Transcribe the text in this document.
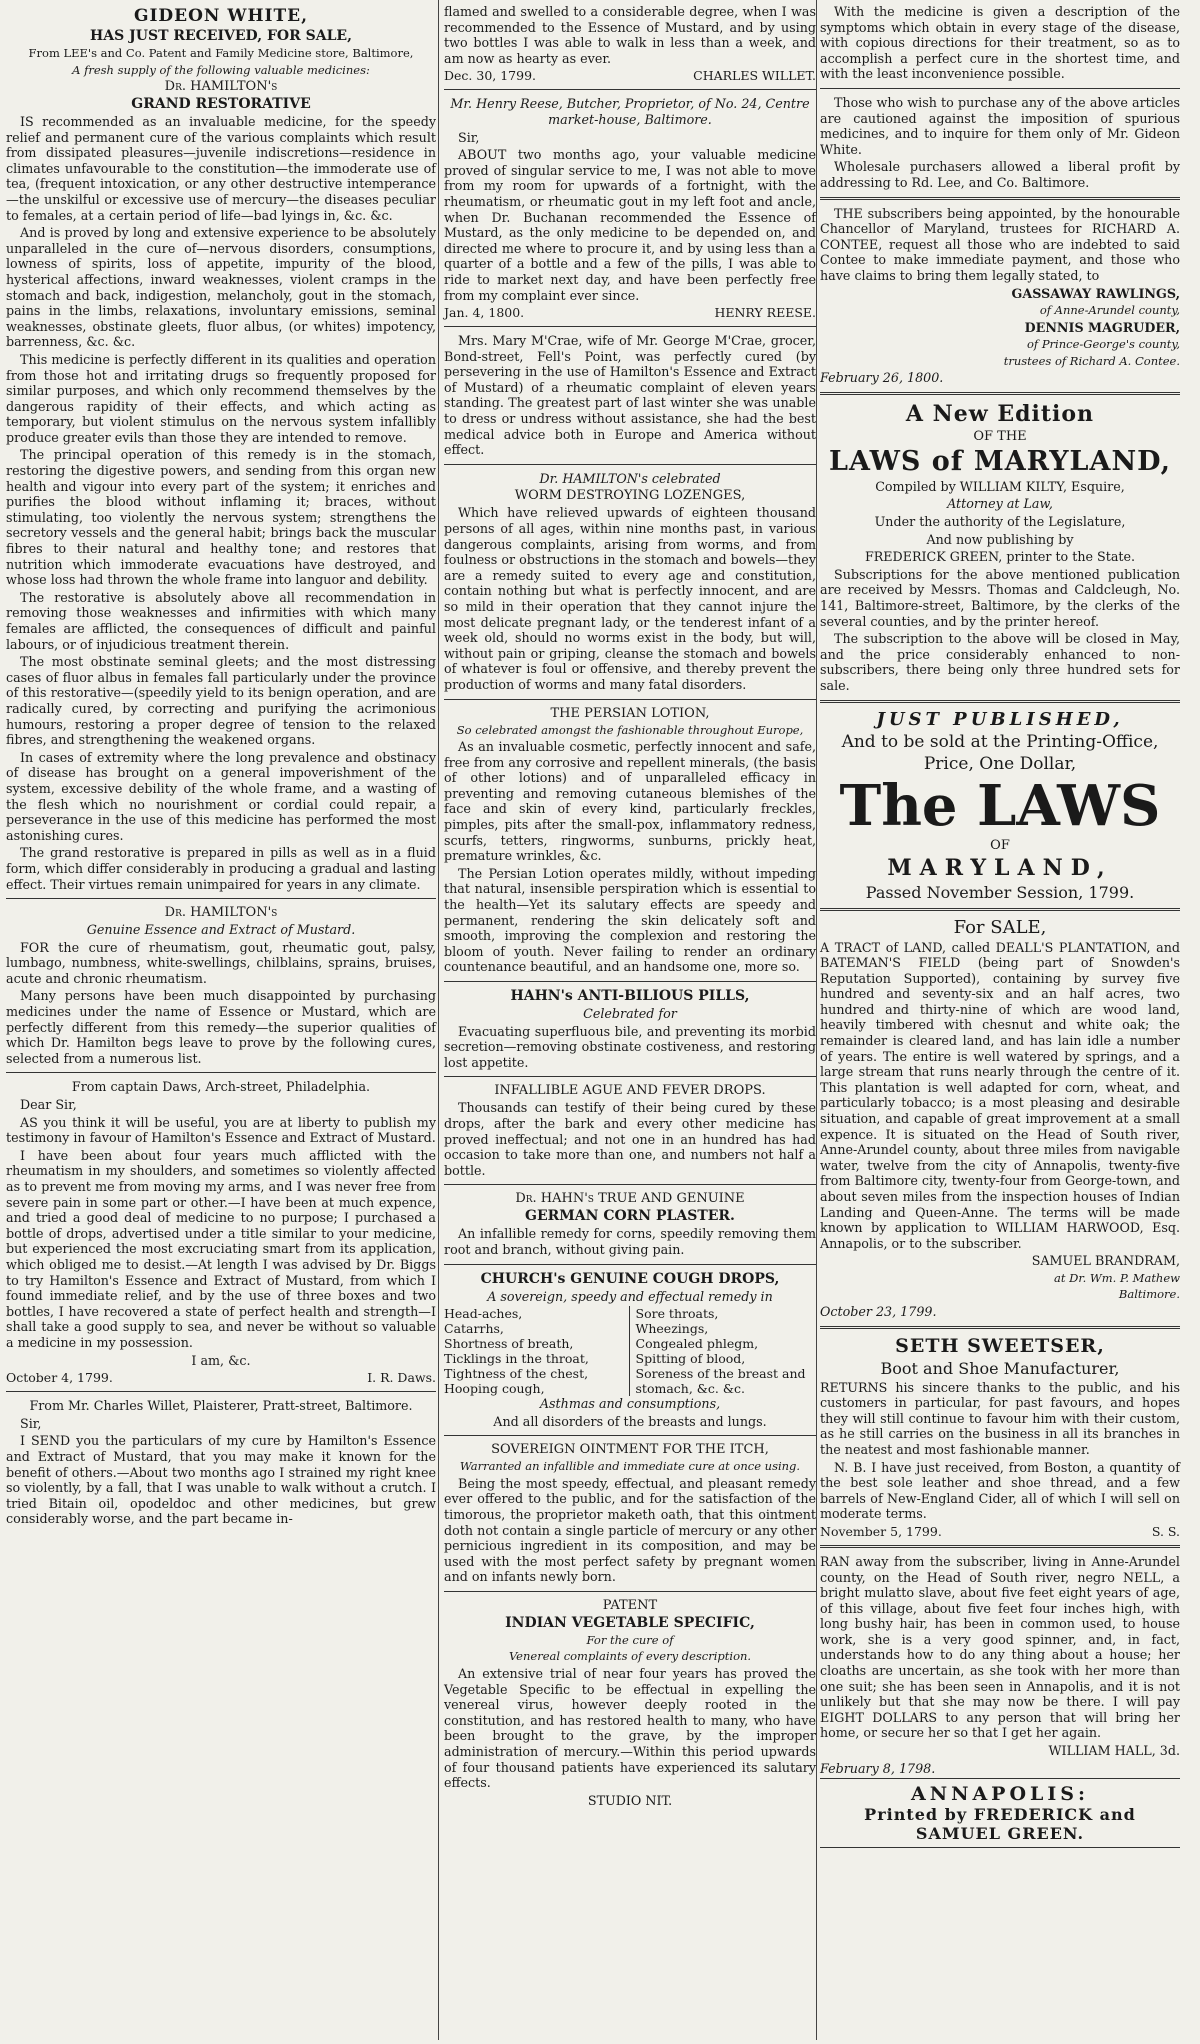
GIDEON WHITE,
HAS JUST RECEIVED, FOR SALE,

From LEE's and Co. Patent and Family Medicine store, Baltimore,

A fresh supply of the following valuable medicines:

Dr. HAMILTON's
GRAND RESTORATIVE

IS recommended as an invaluable medicine, for the speedy relief and permanent cure of the various complaints which result from dissipated pleasures—juvenile indiscretions—residence in climates unfavourable to the constitution—the immoderate use of tea, (frequent intoxication, or any other destructive intemperance—the unskilful or excessive use of mercury—the diseases peculiar to females, at a certain period of life—bad lyings in, &c. &c.

And is proved by long and extensive experience to be absolutely unparalleled in the cure of—nervous disorders, consumptions, lowness of spirits, loss of appetite, impurity of the blood, hysterical affections, inward weaknesses, violent cramps in the stomach and back, indigestion, melancholy, gout in the stomach, pains in the limbs, relaxations, involuntary emissions, seminal weaknesses, obstinate gleets, fluor albus, (or whites) impotency, barrenness, &c. &c.

This medicine is perfectly different in its qualities and operation from those hot and irritating drugs so frequently proposed for similar purposes, and which only recommend themselves by the dangerous rapidity of their effects, and which acting as temporary, but violent stimulus on the nervous system infallibly produce greater evils than those they are intended to remove.

The principal operation of this remedy is in the stomach, restoring the digestive powers, and sending from this organ new health and vigour into every part of the system; it enriches and purifies the blood without inflaming it; braces, without stimulating, too violently the nervous system; strengthens the secretory vessels and the general habit; brings back the muscular fibres to their natural and healthy tone; and restores that nutrition which immoderate evacuations have destroyed, and whose loss had thrown the whole frame into languor and debility.

The restorative is absolutely above all recommendation in removing those weaknesses and infirmities with which many females are afflicted, the consequences of difficult and painful labours, or of injudicious treatment therein.

The most obstinate seminal gleets; and the most distressing cases of fluor albus in females fall particularly under the province of this restorative—(speedily yield to its benign operation, and are radically cured, by correcting and purifying the acrimonious humours, restoring a proper degree of tension to the relaxed fibres, and strengthening the weakened organs.

In cases of extremity where the long prevalence and obstinacy of disease has brought on a general impoverishment of the system, excessive debility of the whole frame, and a wasting of the flesh which no nourishment or cordial could repair, a perseverance in the use of this medicine has performed the most astonishing cures.

The grand restorative is prepared in pills as well as in a fluid form, which differ considerably in producing a gradual and lasting effect. Their virtues remain unimpaired for years in any climate.

Dr. HAMILTON's

Genuine Essence and Extract of Mustard.

FOR the cure of rheumatism, gout, rheumatic gout, palsy, lumbago, numbness, white-swellings, chilblains, sprains, bruises, acute and chronic rheumatism.

Many persons have been much disappointed by purchasing medicines under the name of Essence or Mustard, which are perfectly different from this remedy—the superior qualities of which Dr. Hamilton begs leave to prove by the following cures, selected from a numerous list.

From captain Daws, Arch-street, Philadelphia.

Dear Sir,

AS you think it will be useful, you are at liberty to publish my testimony in favour of Hamilton's Essence and Extract of Mustard.

I have been about four years much afflicted with the rheumatism in my shoulders, and sometimes so violently affected as to prevent me from moving my arms, and I was never free from severe pain in some part or other.—I have been at much expence, and tried a good deal of medicine to no purpose; I purchased a bottle of drops, advertised under a title similar to your medicine, but experienced the most excruciating smart from its application, which obliged me to desist.—At length I was advised by Dr. Biggs to try Hamilton's Essence and Extract of Mustard, from which I found immediate relief, and by the use of three boxes and two bottles, I have recovered a state of perfect health and strength—I shall take a good supply to sea, and never be without so valuable a medicine in my possession.

I am, &c.

October 4, 1799.	I. R. Daws.

From Mr. Charles Willet, Plaisterer, Pratt-street, Baltimore.

Sir,

I SEND you the particulars of my cure by Hamilton's Essence and Extract of Mustard, that you may make it known for the benefit of others.—About two months ago I strained my right knee so violently, by a fall, that I was unable to walk without a crutch. I tried Bitain oil, opodeldoc and other medicines, but grew considerably worse, and the part became in-

flamed and swelled to a considerable degree, when I was recommended to the Essence of Mustard, and by using two bottles I was able to walk in less than a week, and am now as hearty as ever.

Dec. 30, 1799.	CHARLES WILLET.

Mr. Henry Reese, Butcher, Proprietor, of No. 24, Centre market-house, Baltimore.

Sir,

ABOUT two months ago, your valuable medicine proved of singular service to me, I was not able to move from my room for upwards of a fortnight, with the rheumatism, or rheumatic gout in my left foot and ancle, when Dr. Buchanan recommended the Essence of Mustard, as the only medicine to be depended on, and directed me where to procure it, and by using less than a quarter of a bottle and a few of the pills, I was able to ride to market next day, and have been perfectly free from my complaint ever since.

Jan. 4, 1800.	HENRY REESE.

Mrs. Mary M'Crae, wife of Mr. George M'Crae, grocer, Bond-street, Fell's Point, was perfectly cured (by persevering in the use of Hamilton's Essence and Extract of Mustard) of a rheumatic complaint of eleven years standing. The greatest part of last winter she was unable to dress or undress without assistance, she had the best medical advice both in Europe and America without effect.

Dr. HAMILTON's celebrated

WORM DESTROYING LOZENGES,

Which have relieved upwards of eighteen thousand persons of all ages, within nine months past, in various dangerous complaints, arising from worms, and from foulness or obstructions in the stomach and bowels—they are a remedy suited to every age and constitution, contain nothing but what is perfectly innocent, and are so mild in their operation that they cannot injure the most delicate pregnant lady, or the tenderest infant of a week old, should no worms exist in the body, but will, without pain or griping, cleanse the stomach and bowels of whatever is foul or offensive, and thereby prevent the production of worms and many fatal disorders.

THE PERSIAN LOTION,

So celebrated amongst the fashionable throughout Europe,

As an invaluable cosmetic, perfectly innocent and safe, free from any corrosive and repellent minerals, (the basis of other lotions) and of unparalleled efficacy in preventing and removing cutaneous blemishes of the face and skin of every kind, particularly freckles, pimples, pits after the small-pox, inflammatory redness, scurfs, tetters, ringworms, sunburns, prickly heat, premature wrinkles, &c.

The Persian Lotion operates mildly, without impeding that natural, insensible perspiration which is essential to the health—Yet its salutary effects are speedy and permanent, rendering the skin delicately soft and smooth, improving the complexion and restoring the bloom of youth. Never failing to render an ordinary countenance beautiful, and an handsome one, more so.

HAHN's ANTI-BILIOUS PILLS,

Celebrated for

Evacuating superfluous bile, and preventing its morbid secretion—removing obstinate costiveness, and restoring lost appetite.

INFALLIBLE AGUE AND FEVER DROPS.

Thousands can testify of their being cured by these drops, after the bark and every other medicine has proved ineffectual; and not one in an hundred has had occasion to take more than one, and numbers not half a bottle.

Dr. HAHN's TRUE AND GENUINE
GERMAN CORN PLASTER.

An infallible remedy for corns, speedily removing them root and branch, without giving pain.

CHURCH's GENUINE COUGH DROPS,

A sovereign, speedy and effectual remedy in

Head-aches,
Catarrhs,
Shortness of breath,
Ticklings in the throat,
Tightness of the chest,
Hooping cough,
Sore throats,
Wheezings,
Congealed phlegm,
Spitting of blood,
Soreness of the breast and stomach, &c. &c.

Asthmas and consumptions,

And all disorders of the breasts and lungs.

SOVEREIGN OINTMENT FOR THE ITCH,

Warranted an infallible and immediate cure at once using.

Being the most speedy, effectual, and pleasant remedy ever offered to the public, and for the satisfaction of the timorous, the proprietor maketh oath, that this ointment doth not contain a single particle of mercury or any other pernicious ingredient in its composition, and may be used with the most perfect safety by pregnant women and on infants newly born.

PATENT
INDIAN VEGETABLE SPECIFIC,

For the cure of

Venereal complaints of every description.

An extensive trial of near four years has proved the Vegetable Specific to be effectual in expelling the venereal virus, however deeply rooted in the constitution, and has restored health to many, who have been brought to the grave, by the improper administration of mercury.—Within this period upwards of four thousand patients have experienced its salutary effects.

STUDIO NIT.

With the medicine is given a description of the symptoms which obtain in every stage of the disease, with copious directions for their treatment, so as to accomplish a perfect cure in the shortest time, and with the least inconvenience possible.

Those who wish to purchase any of the above articles are cautioned against the imposition of spurious medicines, and to inquire for them only of Mr. Gideon White.

Wholesale purchasers allowed a liberal profit by addressing to Rd. Lee, and Co. Baltimore.

THE subscribers being appointed, by the honourable Chancellor of Maryland, trustees for RICHARD A. CONTEE, request all those who are indebted to said Contee to make immediate payment, and those who have claims to bring them legally stated, to

GASSAWAY RAWLINGS,

of Anne-Arundel county,

DENNIS MAGRUDER,

of Prince-George's county,

trustees of Richard A. Contee.

February 26, 1800.

A New Edition
OF THE
LAWS of MARYLAND,

Compiled by WILLIAM KILTY, Esquire,

Attorney at Law,

Under the authority of the Legislature,

And now publishing by

FREDERICK GREEN, printer to the State.

Subscriptions for the above mentioned publication are received by Messrs. Thomas and Caldcleugh, No. 141, Baltimore-street, Baltimore, by the clerks of the several counties, and by the printer hereof.

The subscription to the above will be closed in May, and the price considerably enhanced to non-subscribers, there being only three hundred sets for sale.

JUST PUBLISHED,
And to be sold at the Printing-Office,
Price, One Dollar,
The LAWS
OF
MARYLAND,
Passed November Session, 1799.
For SALE,

A TRACT of LAND, called DEALL'S PLANTATION, and BATEMAN'S FIELD (being part of Snowden's Reputation Supported), containing by survey five hundred and seventy-six and an half acres, two hundred and thirty-nine of which are wood land, heavily timbered with chesnut and white oak; the remainder is cleared land, and has lain idle a number of years. The entire is well watered by springs, and a large stream that runs nearly through the centre of it. This plantation is well adapted for corn, wheat, and particularly tobacco; is a most pleasing and desirable situation, and capable of great improvement at a small expence. It is situated on the Head of South river, Anne-Arundel county, about three miles from navigable water, twelve from the city of Annapolis, twenty-five from Baltimore city, twenty-four from George-town, and about seven miles from the inspection houses of Indian Landing and Queen-Anne. The terms will be made known by application to WILLIAM HARWOOD, Esq. Annapolis, or to the subscriber.

SAMUEL BRANDRAM,

at Dr. Wm. P. Mathew

Baltimore.

October 23, 1799.

SETH SWEETSER,
Boot and Shoe Manufacturer,

RETURNS his sincere thanks to the public, and his customers in particular, for past favours, and hopes they will still continue to favour him with their custom, as he still carries on the business in all its branches in the neatest and most fashionable manner.

N. B. I have just received, from Boston, a quantity of the best sole leather and shoe thread, and a few barrels of New-England Cider, all of which I will sell on moderate terms.

November 5, 1799.	S. S.

RAN away from the subscriber, living in Anne-Arundel county, on the Head of South river, negro NELL, a bright mulatto slave, about five feet eight years of age, of this village, about five feet four inches high, with long bushy hair, has been in common used, to house work, she is a very good spinner, and, in fact, understands how to do any thing about a house; her cloaths are uncertain, as she took with her more than one suit; she has been seen in Annapolis, and it is not unlikely but that she may now be there. I will pay EIGHT DOLLARS to any person that will bring her home, or secure her so that I get her again.

WILLIAM HALL, 3d.

February 8, 1798.

ANNAPOLIS:
Printed by FREDERICK and SAMUEL GREEN.
